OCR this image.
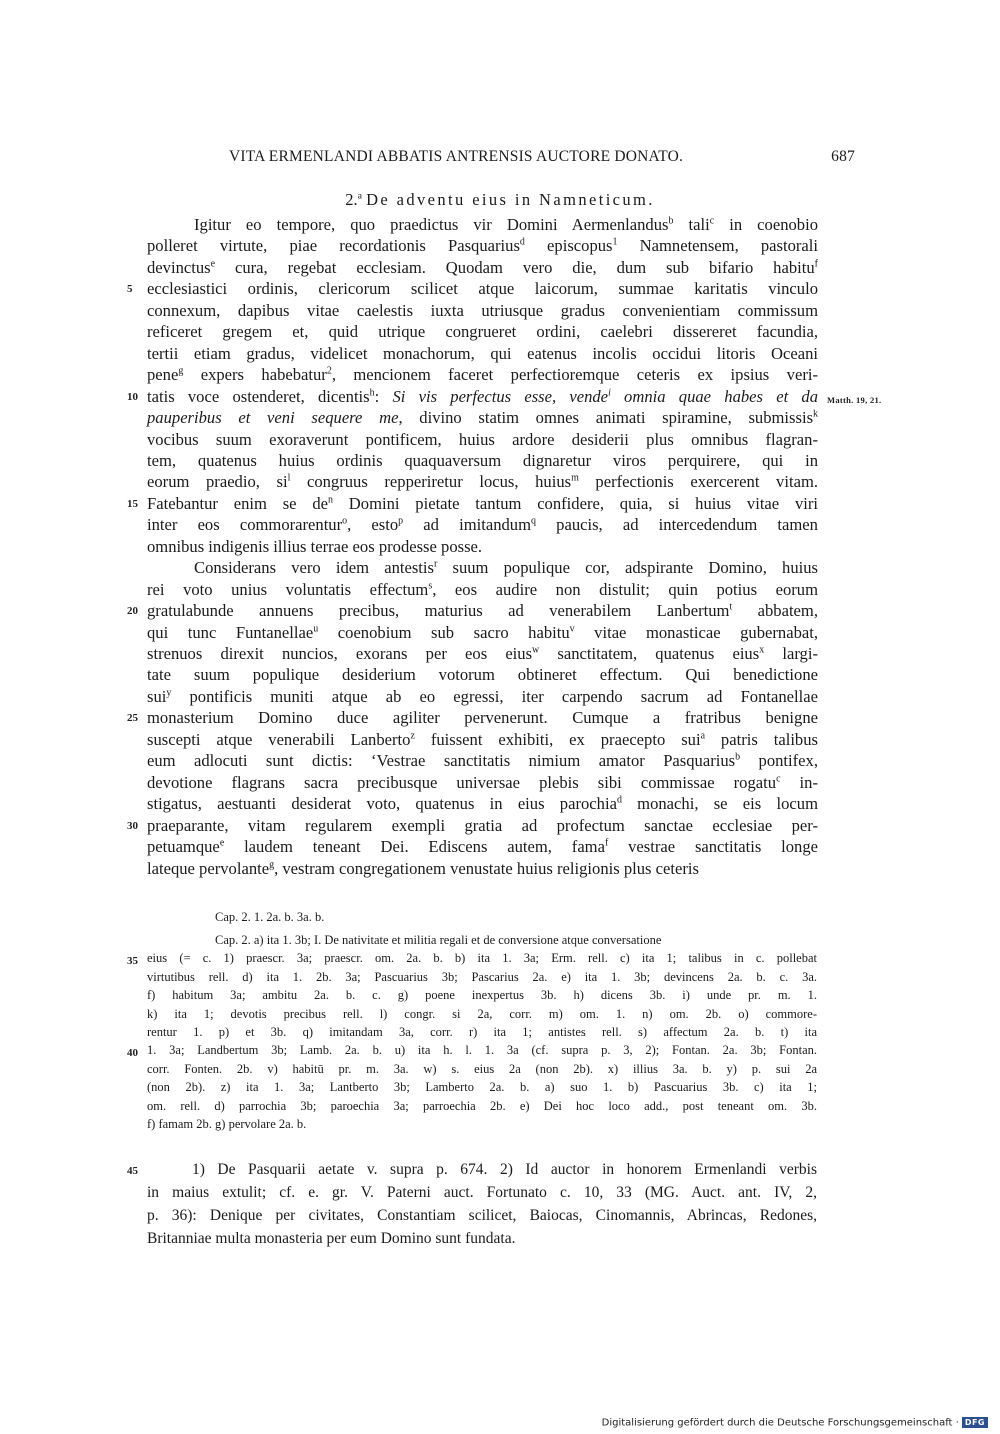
VITA ERMENLANDI ABBATIS ANTRENSIS AUCTORE DONATO.	687
2.$^a$ De adventu eius in Namneticum.
Matth. 19, 21.
5
10
15
20
25
30
35
40
45
Igitur eo tempore, quo praedictus vir Domini Aermenlandus$^b$ tali$^c$ in coenobio
polleret virtute, piae recordationis Pasquarius$^d$ episcopus$^1$ Namnetensem, pastorali
devinctus$^e$ cura, regebat ecclesiam. Quodam vero die, dum sub bifario habitu$^f$
ecclesiastici ordinis, clericorum scilicet atque laicorum, summae karitatis vinculo
connexum, dapibus vitae caelestis iuxta utriusque gradus convenientiam commissum
reficeret gregem et, quid utrique congrueret ordini, caelebri dissereret facundia,
tertii etiam gradus, videlicet monachorum, qui eatenus incolis occidui litoris Oceani
pene$^g$ expers habebatur$^2$, mencionem faceret perfectioremque ceteris ex ipsius veri-
tatis voce ostenderet, dicentis$^h$: Si vis perfectus esse, vende$^i$ omnia quae habes et da
pauperibus et veni sequere me, divino statim omnes animati spiramine, submissis$^k$
vocibus suum exoraverunt pontificem, huius ardore desiderii plus omnibus flagran-
tem, quatenus huius ordinis quaquaversum dignaretur viros perquirere, qui in
eorum praedio, $si^l$ congruus repperiretur locus, huius$^m$ perfectionis exercerent vitam.
Fatebantur enim se $de^n$ Domini pietate tantum confidere, quia, si huius vitae viri
inter eos commorarentur$^o$, esto$^p$ ad imitandum$^q$ paucis, ad intercedendum tamen
omnibus indigenis illius terrae eos prodesse posse.
Considerans vero idem antestis$^r$ suum populique cor, adspirante Domino, huius
rei voto unius voluntatis effectum$^s$, eos audire non distulit; quin potius eorum
gratulabunde annuens precibus, maturius ad venerabilem Lanbertum$^t$ abbatem,
qui tunc Funtanellae$^u$ coenobium sub sacro habitu$^v$ vitae monasticae gubernabat,
strenuos direxit nuncios, exorans per eos eius$^w$ sanctitatem, quatenus eius$^x$ largi-
tate suum populique desiderium votorum obtineret effectum. Qui benedictione
sui$^y$ pontificis muniti atque ab eo egressi, iter carpendo sacrum ad Fontanellae
monasterium Domino duce agiliter pervenerunt. Cumque a fratribus benigne
suscepti atque venerabili Lanberto$^z$ fuissent exhibiti, ex praecepto sui$^a$ patris talibus
eum adlocuti sunt dictis: ‘Vestrae sanctitatis nimium amator Pasquarius$^b$ pontifex,
devotione flagrans sacra precibusque universae plebis sibi commissae rogatu$^c$ in-
stigatus, aestuanti desiderat voto, quatenus in eius parochia$^d$ monachi, se eis locum
praeparante, vitam regularem exempli gratia ad profectum sanctae ecclesiae per-
petuamque$^e$ laudem teneant Dei. Ediscens autem, fama$^f$ vestrae sanctitatis longe
lateque pervolante$^g$, vestram congregationem venustate huius religionis plus ceteris
Cap. 2. 1. 2a. b. 3a. b.
Cap. 2. a) ita 1. 3b; I. De nativitate et militia regali et de conversione atque conversatione
eius (= c. 1) praescr. 3a; praescr. om. 2a. b. b) ita 1. 3a; Erm. rell. c) ita 1; talibus in c. pollebat
virtutibus rell. d) ita 1. 2b. 3a; Pascuarius 3b; Pascarius 2a. e) ita 1. 3b; devincens 2a. b. c. 3a.
f) habitum 3a; ambitu 2a. b. c. g) poene inexpertus 3b. h) dicens 3b. i) unde pr. m. 1.
k) ita 1; devotis precibus rell. l) congr. si 2a, corr. m) om. 1. n) om. 2b. o) commore-
rentur 1. p) et 3b. q) imitandam 3a, corr. r) ita 1; antistes rell. s) affectum 2a. b. t) ita
1. 3a; Landbertum 3b; Lamb. 2a. b. u) ita h. l. 1. 3a (cf. supra p. 3, 2); Fontan. 2a. 3b; Fontan.
corr. Fonten. 2b. v) habitū pr. m. 3a. w) s. eius 2a (non 2b). x) illius 3a. b. y) p. sui 2a
(non 2b). z) ita 1. 3a; Lantberto 3b; Lamberto 2a. b. a) suo 1. b) Pascuarius 3b. c) ita 1;
om. rell. d) parrochia 3b; paroechia 3a; parroechia 2b. e) Dei hoc loco add., post teneant om. 3b.
f) famam 2b. g) pervolare 2a. b.
1) De Pasquarii aetate v. supra p. 674. 2) Id auctor in honorem Ermenlandi verbis
in maius extulit; cf. e. gr. V. Paterni auct. Fortunato c. 10, 33 (MG. Auct. ant. IV, 2,
p. 36): Denique per civitates, Constantiam scilicet, Baiocas, Cinomannis, Abrincas, Redones,
Britanniae multa monasteria per eum Domino sunt fundata.
Digitalisierung gefördert durch die Deutsche Forschungsgemeinschaft · DFG
